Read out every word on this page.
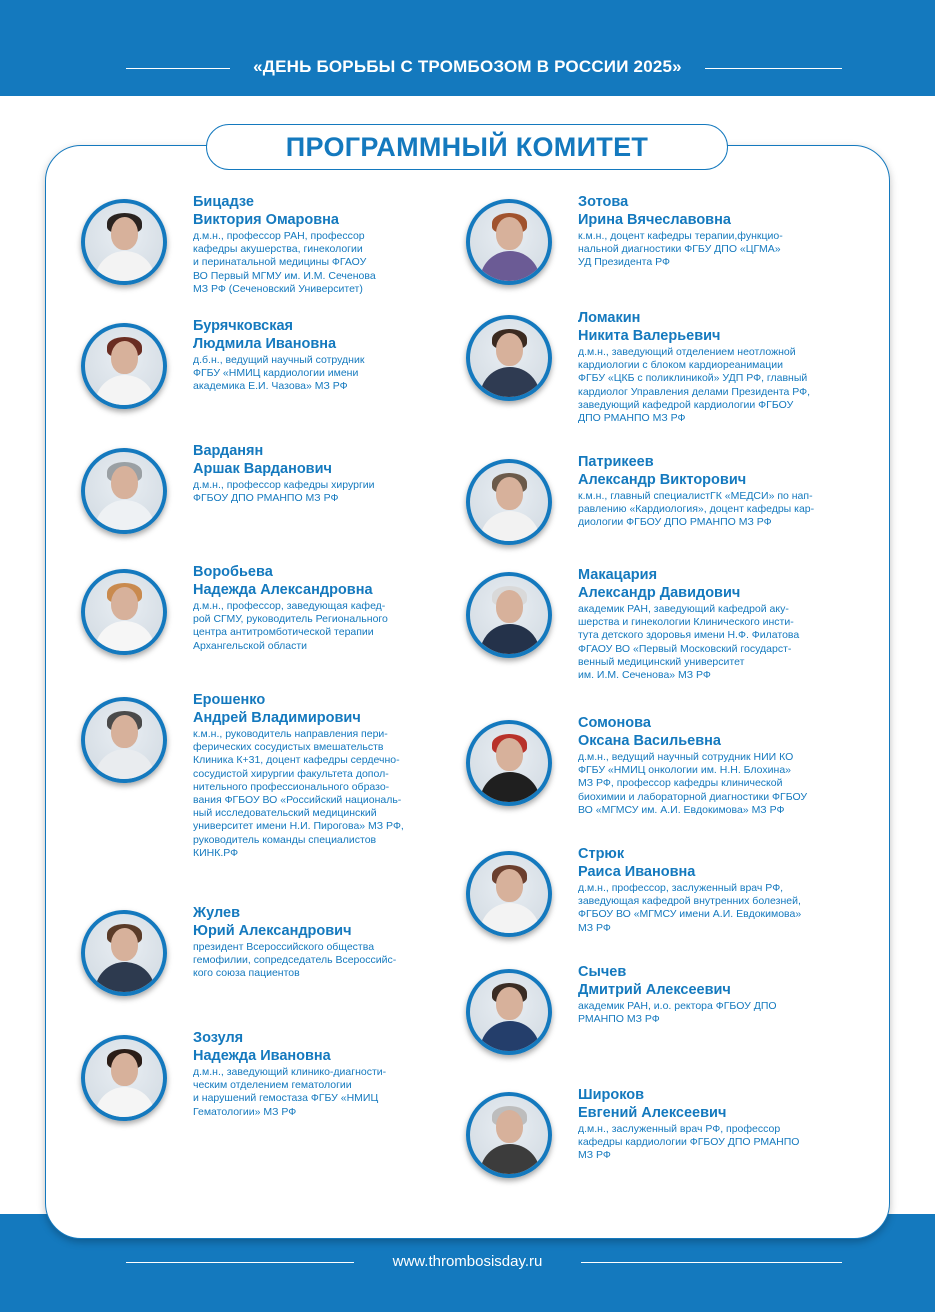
«ДЕНЬ БОРЬБЫ С ТРОМБОЗОМ В РОССИИ 2025»
www.thrombosisday.ru
ПРОГРАММНЫЙ КОМИТЕТ
Бицадзе
Виктория Омаровна
д.м.н., профессор РАН, профессор
кафедры акушерства, гинекологии
и перинатальной медицины ФГАОУ
ВО Первый МГМУ им. И.М. Сеченова
МЗ РФ (Сеченовский Университет)
Бурячковская
Людмила Ивановна
д.б.н., ведущий научный сотрудник
ФГБУ «НМИЦ кардиологии имени
академика Е.И. Чазова» МЗ РФ
Варданян
Аршак Варданович
д.м.н., профессор кафедры хирургии
ФГБОУ ДПО РМАНПО МЗ РФ
Воробьева
Надежда Александровна
д.м.н., профессор, заведующая кафед-
рой СГМУ, руководитель Регионального
центра антитромботической терапии
Архангельской области
Ерошенко
Андрей Владимирович
к.м.н., руководитель направления пери-
ферических сосудистых вмешательств
Клиника К+31, доцент кафедры сердечно-
сосудистой хирургии факультета допол-
нительного профессионального образо-
вания ФГБОУ ВО «Российский националь-
ный исследовательский медицинский
университет имени Н.И. Пирогова» МЗ РФ,
руководитель команды специалистов
КИНК.РФ
Жулев
Юрий Александрович
президент Всероссийского общества
гемофилии, сопредседатель Всероссийс-
кого союза пациентов
Зозуля
Надежда Ивановна
д.м.н., заведующий клинико-диагности-
ческим отделением гематологии
и нарушений гемостаза ФГБУ «НМИЦ
Гематологии» МЗ РФ
Зотова
Ирина Вячеславовна
к.м.н., доцент кафедры терапии,функцио-
нальной диагностики ФГБУ ДПО «ЦГМА»
УД Президента РФ
Ломакин
Никита Валерьевич
д.м.н., заведующий отделением неотложной
кардиологии с блоком кардиореанимации
ФГБУ «ЦКБ с поликлиникой» УДП РФ, главный
кардиолог Управления делами Президента РФ,
заведующий кафедрой кардиологии ФГБОУ
ДПО РМАНПО МЗ РФ
Патрикеев
Александр Викторович
к.м.н., главный специалистГК «МЕДСИ» по нап-
равлению «Кардиология», доцент кафедры кар-
диологии ФГБОУ ДПО РМАНПО МЗ РФ
Макацария
Александр Давидович
академик РАН, заведующий кафедрой аку-
шерства и гинекологии Клинического инсти-
тута детского здоровья имени Н.Ф. Филатова
ФГАОУ ВО «Первый Московский государст-
венный медицинский университет
им. И.М. Сеченова» МЗ РФ
Сомонова
Оксана Васильевна
д.м.н., ведущий научный сотрудник НИИ КО
ФГБУ «НМИЦ онкологии им. Н.Н. Блохина»
МЗ РФ, профессор кафедры клинической
биохимии и лабораторной диагностики ФГБОУ
ВО «МГМСУ им. А.И. Евдокимова» МЗ РФ
Стрюк
Раиса Ивановна
д.м.н., профессор, заслуженный врач РФ,
заведующая кафедрой внутренних болезней,
ФГБОУ ВО «МГМСУ имени А.И. Евдокимова»
МЗ РФ
Сычев
Дмитрий Алексеевич
академик РАН, и.о. ректора ФГБОУ ДПО
РМАНПО МЗ РФ
Широков
Евгений Алексеевич
д.м.н., заслуженный врач РФ, профессор
кафедры кардиологии ФГБОУ ДПО РМАНПО
МЗ РФ
